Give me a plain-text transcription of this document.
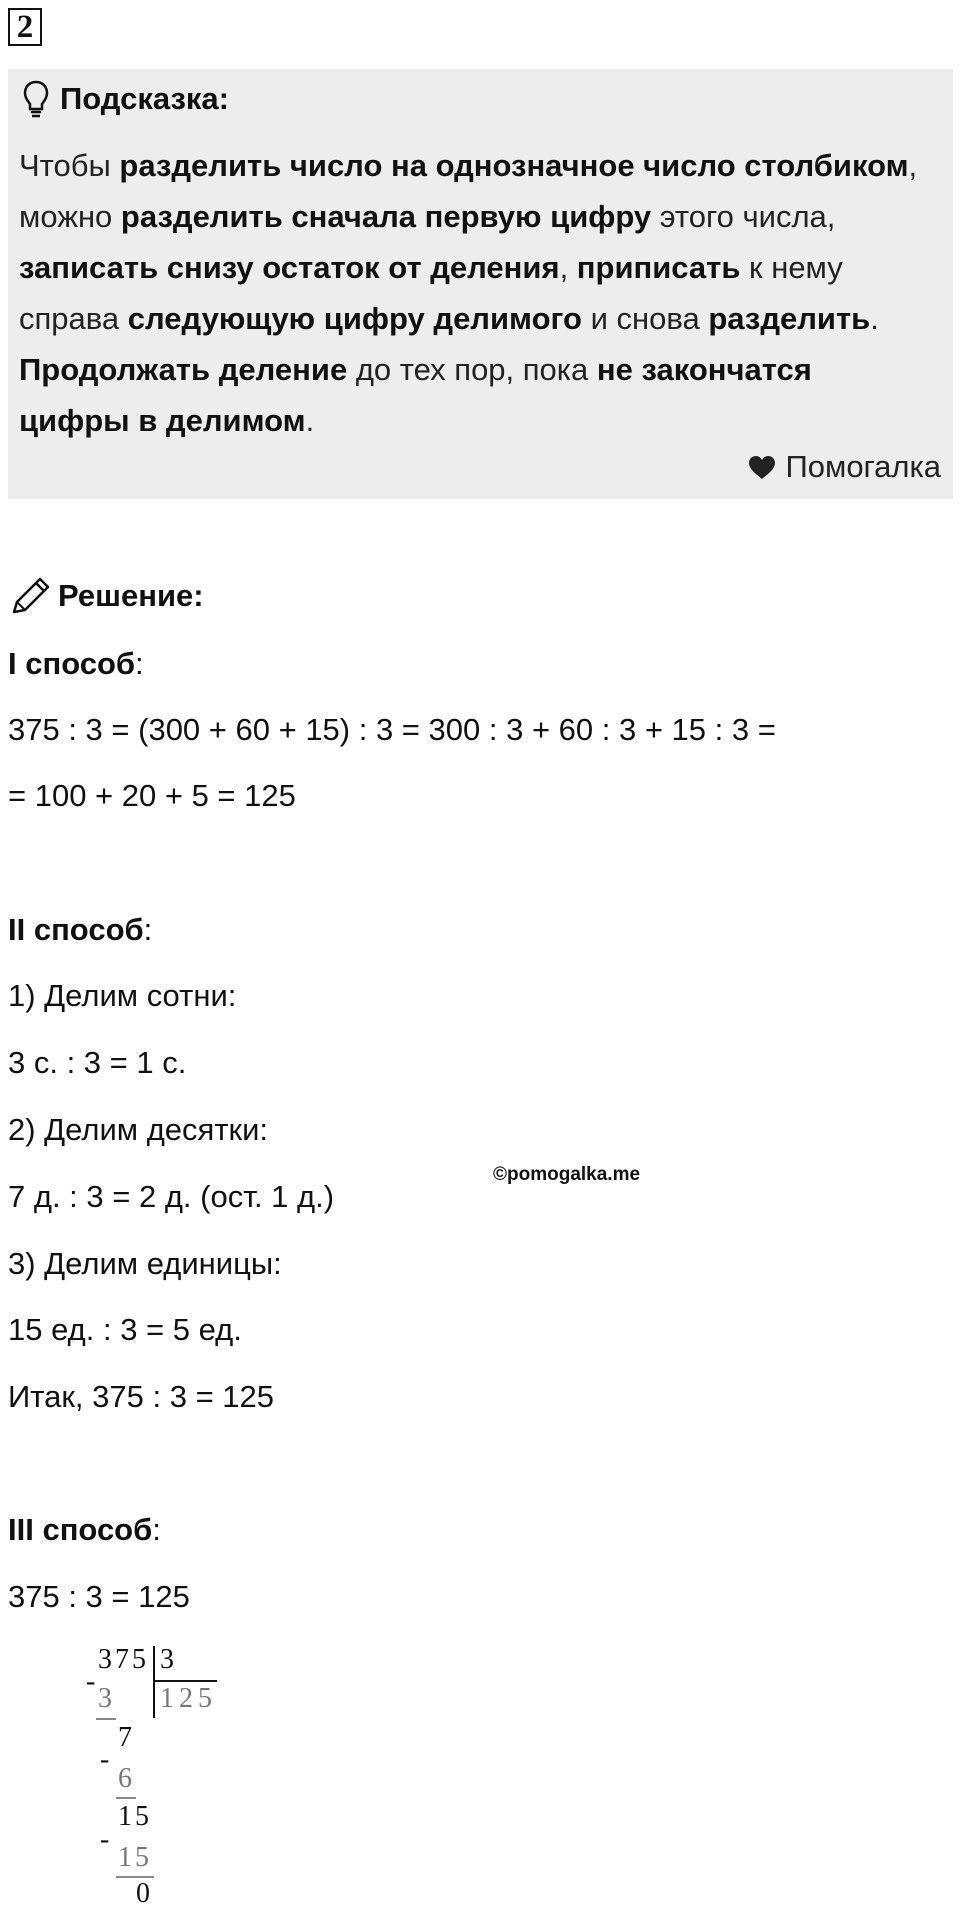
2
Подсказка:
Чтобы разделить число на однозначное число столбиком,
можно разделить сначала первую цифру этого числа,
записать снизу остаток от деления, приписать к нему
справа следующую цифру делимого и снова разделить.
Продолжать деление до тех пор, пока не закончатся
цифры в делимом.
Помогалка
Решение:
I способ:
375 : 3 = (300 + 60 + 15) : 3 = 300 : 3 + 60 : 3 + 15 : 3 =
= 100 + 20 + 5 = 125
II способ:
1) Делим сотни:
3 с. : 3 = 1 с.
2) Делим десятки:
7 д. : 3 = 2 д. (ост. 1 д.)
3) Делим единицы:
15 ед. : 3 = 5 ед.
Итак, 375 : 3 = 125
©pomogalka.me
III способ:
375 : 3 = 125
375 3
125
-
3
7
-
6
15
-
15
0
